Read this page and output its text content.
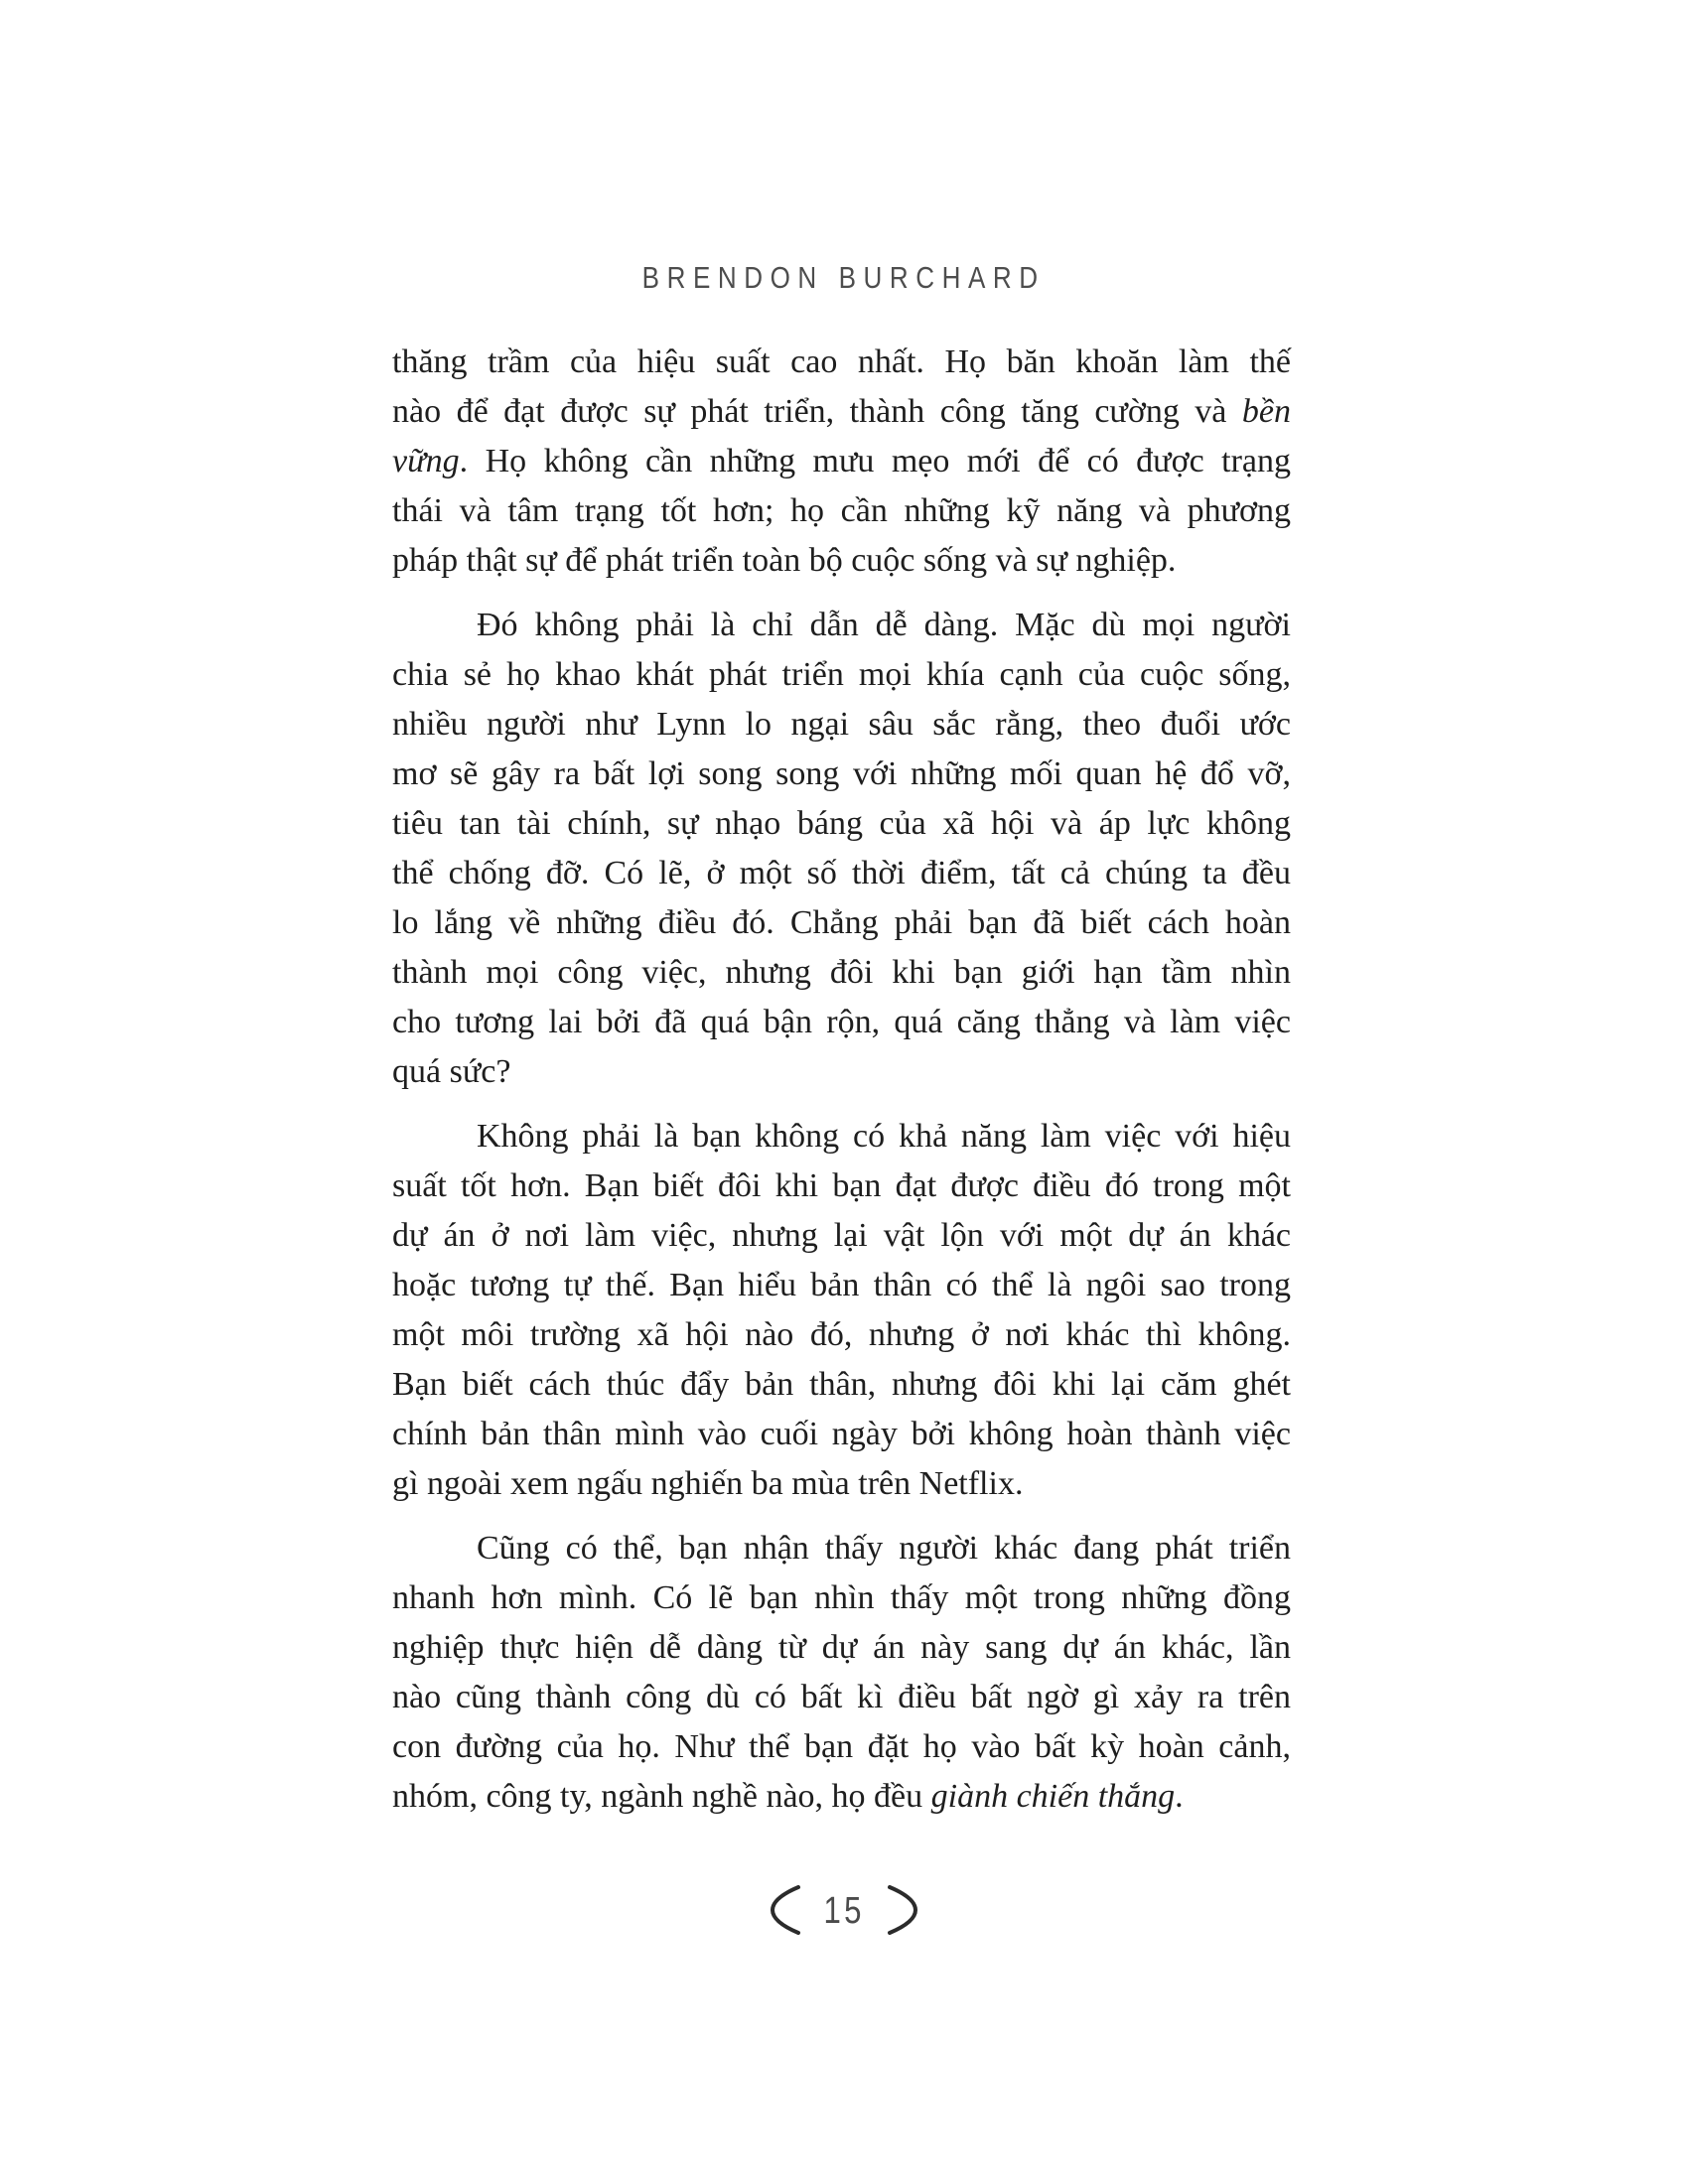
BRENDON BURCHARD
thăng trầm của hiệu suất cao nhất. Họ băn khoăn làm thế
nào để đạt được sự phát triển, thành công tăng cường và bền
vững. Họ không cần những mưu mẹo mới để có được trạng
thái và tâm trạng tốt hơn; họ cần những kỹ năng và phương
pháp thật sự để phát triển toàn bộ cuộc sống và sự nghiệp.
Đó không phải là chỉ dẫn dễ dàng. Mặc dù mọi người
chia sẻ họ khao khát phát triển mọi khía cạnh của cuộc sống,
nhiều người như Lynn lo ngại sâu sắc rằng, theo đuổi ước
mơ sẽ gây ra bất lợi song song với những mối quan hệ đổ vỡ,
tiêu tan tài chính, sự nhạo báng của xã hội và áp lực không
thể chống đỡ. Có lẽ, ở một số thời điểm, tất cả chúng ta đều
lo lắng về những điều đó. Chẳng phải bạn đã biết cách hoàn
thành mọi công việc, nhưng đôi khi bạn giới hạn tầm nhìn
cho tương lai bởi đã quá bận rộn, quá căng thẳng và làm việc
quá sức?
Không phải là bạn không có khả năng làm việc với hiệu
suất tốt hơn. Bạn biết đôi khi bạn đạt được điều đó trong một
dự án ở nơi làm việc, nhưng lại vật lộn với một dự án khác
hoặc tương tự thế. Bạn hiểu bản thân có thể là ngôi sao trong
một môi trường xã hội nào đó, nhưng ở nơi khác thì không.
Bạn biết cách thúc đẩy bản thân, nhưng đôi khi lại căm ghét
chính bản thân mình vào cuối ngày bởi không hoàn thành việc
gì ngoài xem ngấu nghiến ba mùa trên Netflix.
Cũng có thể, bạn nhận thấy người khác đang phát triển
nhanh hơn mình. Có lẽ bạn nhìn thấy một trong những đồng
nghiệp thực hiện dễ dàng từ dự án này sang dự án khác, lần
nào cũng thành công dù có bất kì điều bất ngờ gì xảy ra trên
con đường của họ. Như thể bạn đặt họ vào bất kỳ hoàn cảnh,
nhóm, công ty, ngành nghề nào, họ đều giành chiến thắng.
15
